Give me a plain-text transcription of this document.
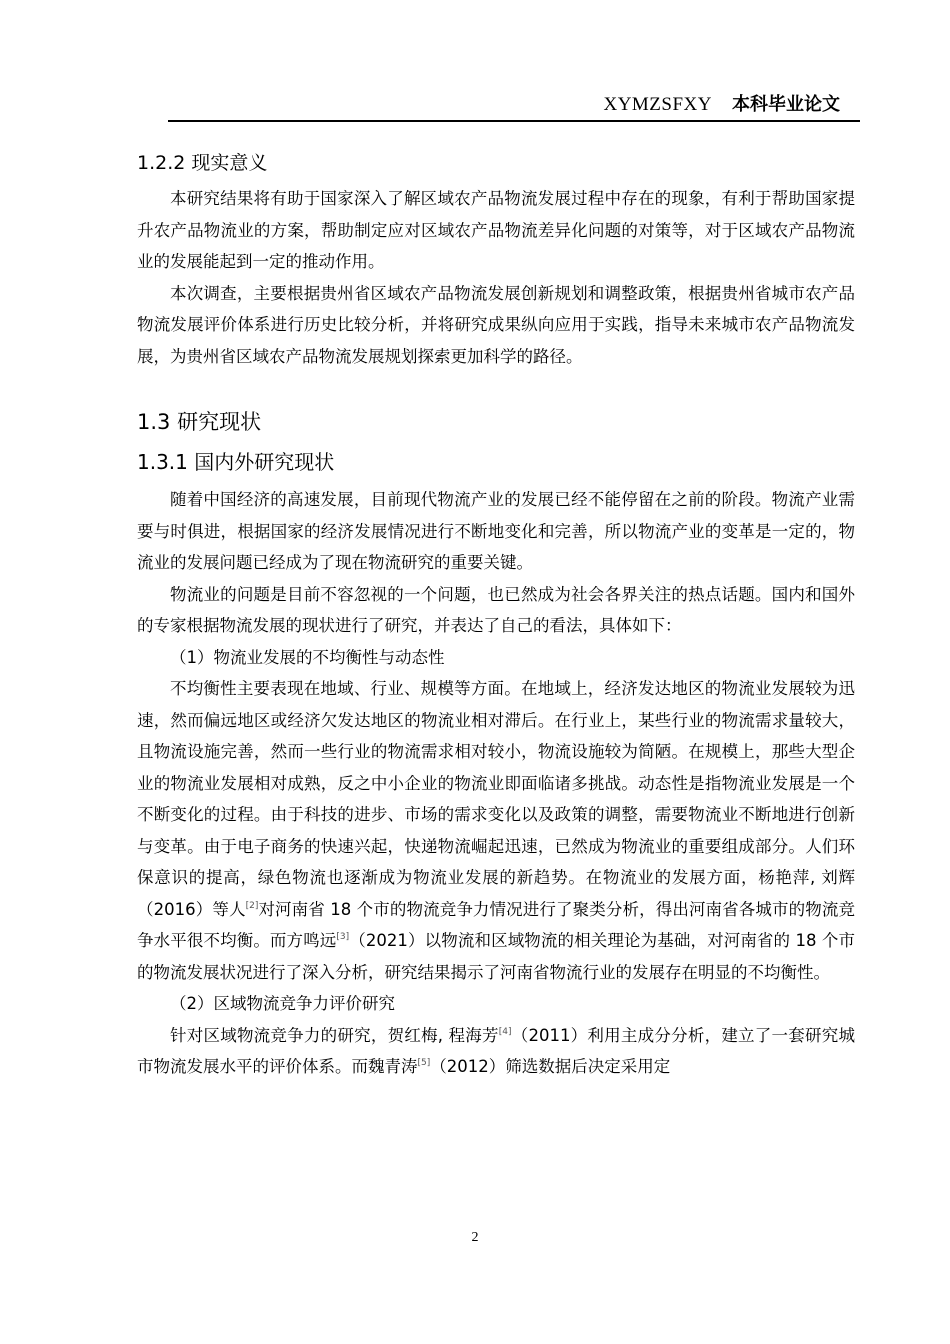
XYMZSFXY 本科毕业论文
1.2.2 现实意义

本研究结果将有助于国家深入了解区域农产品物流发展过程中存在的现象，有利于帮助国家提升农产品物流业的方案，帮助制定应对区域农产品物流差异化问题的对策等，对于区域农产品物流业的发展能起到一定的推动作用。

本次调查，主要根据贵州省区域农产品物流发展创新规划和调整政策，根据贵州省城市农产品物流发展评价体系进行历史比较分析，并将研究成果纵向应用于实践，指导未来城市农产品物流发展，为贵州省区域农产品物流发展规划探索更加科学的路径。

1.3 研究现状
1.3.1 国内外研究现状

随着中国经济的高速发展，目前现代物流产业的发展已经不能停留在之前的阶段。物流产业需要与时俱进，根据国家的经济发展情况进行不断地变化和完善，所以物流产业的变革是一定的，物流业的发展问题已经成为了现在物流研究的重要关键。

物流业的问题是目前不容忽视的一个问题，也已然成为社会各界关注的热点话题。国内和国外的专家根据物流发展的现状进行了研究，并表达了自己的看法，具体如下：

（1）物流业发展的不均衡性与动态性

不均衡性主要表现在地域、行业、规模等方面。在地域上，经济发达地区的物流业发展较为迅速，然而偏远地区或经济欠发达地区的物流业相对滞后。在行业上，某些行业的物流需求量较大，且物流设施完善，然而一些行业的物流需求相对较小，物流设施较为简陋。在规模上，那些大型企业的物流业发展相对成熟，反之中小企业的物流业即面临诸多挑战。动态性是指物流业发展是一个不断变化的过程。由于科技的进步、市场的需求变化以及政策的调整，需要物流业不断地进行创新与变革。由于电子商务的快速兴起，快递物流崛起迅速，已然成为物流业的重要组成部分。人们环保意识的提高，绿色物流也逐渐成为物流业发展的新趋势。在物流业的发展方面，杨艳萍, 刘辉（2016）等人[2]对河南省 18 个市的物流竞争力情况进行了聚类分析，得出河南省各城市的物流竞争水平很不均衡。而方鸣远[3]（2021）以物流和区域物流的相关理论为基础，对河南省的 18 个市的物流发展状况进行了深入分析，研究结果揭示了河南省物流行业的发展存在明显的不均衡性。

（2）区域物流竞争力评价研究

针对区域物流竞争力的研究，贺红梅, 程海芳[4]（2011）利用主成分分析，建立了一套研究城市物流发展水平的评价体系。而魏青涛[5]（2012）筛选数据后决定采用定

2
